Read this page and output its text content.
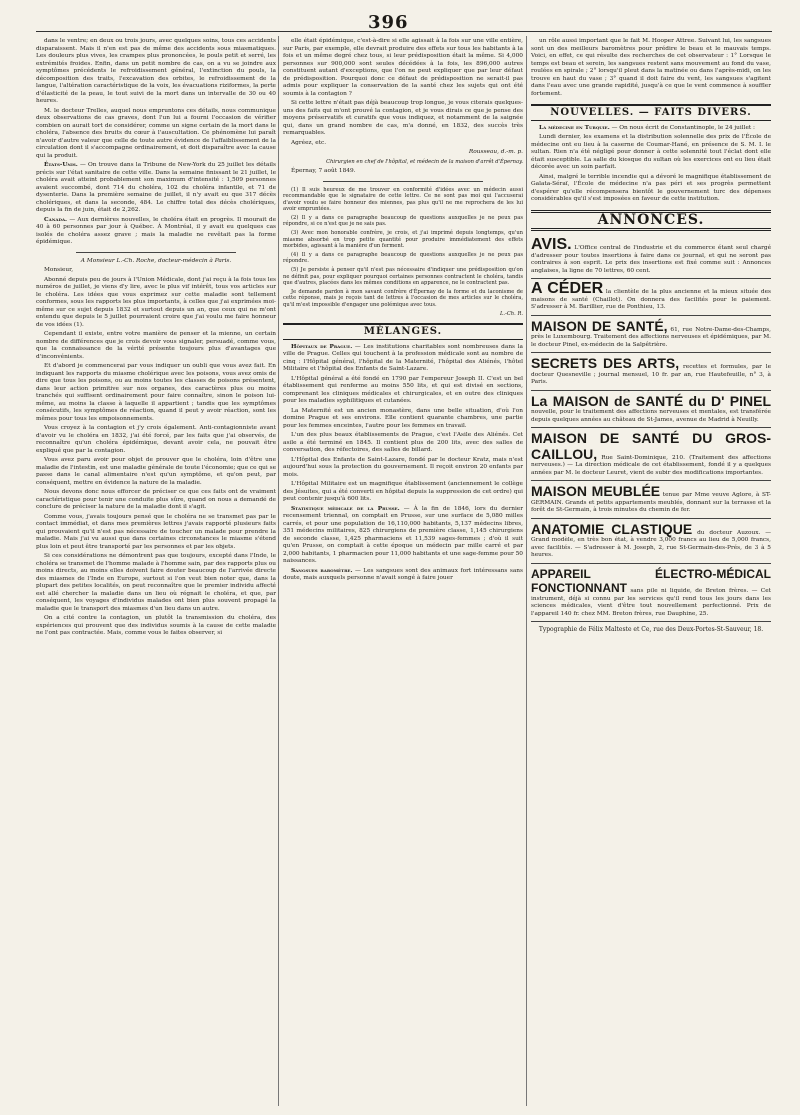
396

dans le ventre; en deux ou trois jours, avec quelques soins, tous ces accidents disparaissent. Mais il n'en est pas de même des accidents sous miasmatiques. Les douleurs plus vives, les crampes plus prononcées, le pouls petit et serré, les extrémités froides. Enfin, dans un petit nombre de cas, on a vu se joindre aux symptômes précédents le refroidissement général, l'extinction du pouls, la décomposition des traits, l'excavation des orbites, le refroidissement de la langue, l'altération caractéristique de la voix, les évacuations riziformes, la perte d'élasticité de la peau, le tout suivi de la mort dans un intervalle de 30 ou 40 heures.

M. le docteur Trelles, auquel nous empruntons ces détails, nous communique deux observations de cas graves, dont l'un lui a fourni l'occasion de vérifier combien on aurait tort de considérer, comme un signe certain de la mort dans le choléra, l'absence des bruits du cœur à l'auscultation. Ce phénomène lui paraît n'avoir d'autre valeur que celle de toute autre évidence de l'affaiblissement de la circulation dont il s'accompagne ordinairement, et doit disparaître avec la cause qui la produit.

États-Unis. — On trouve dans la Tribune de New-York du 25 juillet les détails précis sur l'état sanitaire de cette ville. Dans la semaine finissant le 21 juillet, le choléra avait atteint probablement son maximum d'intensité : 1,509 personnes avaient succombé, dont 714 du choléra, 102 du choléra infantile, et 71 de dysenterie. Dans la première semaine de juillet, il n'y avait eu que 317 décès cholériques, et dans la seconde, 484. Le chiffre total des décès cholériques, depuis la fin de juin, était de 2,262.

Canada. — Aux dernières nouvelles, le choléra était en progrès. Il mourait de 40 à 60 personnes par jour à Québec. À Montréal, il y avait eu quelques cas isolés de choléra assez grave ; mais la maladie ne revêtait pas la forme épidémique.

A Monsieur L.-Ch. Roche, docteur-médecin à Paris.

Monsieur,

Abonné depuis peu de jours à l'Union Médicale, dont j'ai reçu à la fois tous les numéros de juillet, je viens d'y lire, avec le plus vif intérêt, tous vos articles sur le choléra. Les idées que vous exprimez sur cette maladie sont tellement conformes, sous les rapports les plus importants, à celles que j'ai exprimées moi-même sur ce sujet depuis 1832 et surtout depuis un an, que ceux qui ne m'ont entendu que depuis le 5 juillet pourraient croire que j'ai voulu me faire honneur de vos idées (1).

Cependant il existe, entre votre manière de penser et la mienne, un certain nombre de différences que je crois devoir vous signaler, persuadé, comme vous, que la connaissance de la vérité présente toujours plus d'avantages que d'inconvénients.

Et d'abord je commencerai par vous indiquer un oubli que vous avez fait. En indiquant les rapports du miasme cholérique avec les poisons, vous avez omis de dire que tous les poisons, ou au moins toutes les classes de poisons présentent, dans leur action primitive sur nos organes, des caractères plus ou moins tranchés qui suffisent ordinairement pour faire connaître, sinon le poison lui-même, au moins la classe à laquelle il appartient ; tandis que les symptômes consécutifs, les symptômes de réaction, quand il peut y avoir réaction, sont les mêmes pour tous les empoisonnements.

Vous croyez à la contagion et j'y crois également. Anti-contagionniste avant d'avoir vu le choléra en 1832, j'ai été forcé, par les faits que j'ai observés, de reconnaître qu'un choléra épidémique, devant avoir cela, ne pouvait être expliqué que par la contagion.

Vous avez paru avoir pour objet de prouver que le choléra, loin d'être une maladie de l'intestin, est une maladie générale de toute l'économie; que ce qui se passe dans le canal alimentaire n'est qu'un symptôme, et qu'on peut, par conséquent, mettre en évidence la nature de la maladie.

Nous devons donc nous efforcer de préciser ce que ces faits ont de vraiment caractéristique pour tenir une conduite plus sûre, quand on nous a demandé de conclure de préciser la nature de la maladie dont il s'agit.

Comme vous, j'avais toujours pensé que le choléra ne se transmet pas par le contact immédiat, et dans mes premières lettres j'avais rapporté plusieurs faits qui prouvaient qu'il n'est pas nécessaire de toucher un malade pour prendre la maladie. Mais j'ai vu aussi que dans certaines circonstances le miasme s'étend plus loin et peut être transporté par les personnes et par les objets.

Si ces considérations ne démontrent pas que toujours, excepté dans l'Inde, le choléra se transmet de l'homme malade à l'homme sain, par des rapports plus ou moins directs, au moins elles doivent faire douter beaucoup de l'arrivée directe des miasmes de l'Inde en Europe, surtout si l'on veut bien noter que, dans la plupart des petites localités, on peut reconnaître que le premier individu affecté est allé chercher la maladie dans un lieu où régnait le choléra, et que, par conséquent, les voyages d'individus malades ont bien plus souvent propagé la maladie que le transport des miasmes d'un lieu dans un autre.

On a cité contre la contagion, un plutôt la transmission du choléra, des expériences qui prouvent que des individus soumis à la cause de cette maladie ne l'ont pas contractée. Mais, comme vous le faites observer, si

elle était épidémique, c'est-à-dire si elle agissait à la fois sur une ville entière, sur Paris, par exemple, elle devrait produire des effets sur tous les habitants à la fois et un même degré chez tous, si leur prédisposition était la même. Si 4,000 personnes sur 900,000 sont seules décédées à la fois, les 896,000 autres constituent autant d'exceptions, que l'on ne peut expliquer que par leur défaut de prédisposition. Pourquoi donc ce défaut de prédisposition ne serait-il pas admis pour expliquer la conservation de la santé chez les sujets qui ont été soumis à la contagion ?

Si cette lettre n'était pas déjà beaucoup trop longue, je vous citerais quelques-uns des faits qui m'ont prouvé la contagion, et je vous dirais ce que je pense des moyens préservatifs et curatifs que vous indiquez, et notamment de la saignée qui, dans un grand nombre de cas, m'a donné, en 1832, des succès très remarquables.

Agréez, etc.

Rousseau, d.-m. p.

Chirurgien en chef de l'hôpital, et médecin de la maison d'arrêt d'Épernay.

Épernay, 7 août 1849.

(1) Il suis heureux de me trouver en conformité d'idées avec un médecin aussi recommandable que le signataire de cette lettre. Ce ne sont pas moi qui l'accuserai d'avoir voulu se faire honneur des miennes, pas plus qu'il ne me reprochera de les lui avoir empruntées.

(2) Il y a dans ce paragraphe beaucoup de questions auxquelles je ne peux pas répondre, si ce n'est que je ne sais pas.

(3) Avec mon honorable confrère, je crois, et j'ai imprimé depuis longtemps, qu'un miasme absorbé en trop petite quantité pour produire immédiatement des effets morbides, agissant à la manière d'un ferment.

(4) Il y a dans ce paragraphe beaucoup de questions auxquelles je ne peux pas répondre.

(5) Je persiste à penser qu'il n'est pas nécessaire d'indiquer une prédisposition qu'on ne définit pas, pour expliquer pourquoi certaines personnes contractent le choléra, tandis que d'autres, placées dans les mêmes conditions en apparence, ne le contractent pas.

Je demande pardon à mon savant confrère d'Épernay de la forme et du laconisme de cette réponse, mais je reçois tant de lettres à l'occasion de mes articles sur le choléra, qu'il m'est impossible d'engager une polémique avec tous.

L.-Ch. R.

MÉLANGES.

Hôpitaux de Prague. — Les institutions charitables sont nombreuses dans la ville de Prague. Celles qui touchent à la profession médicale sont au nombre de cinq : l'Hôpital général, l'hôpital de la Maternité, l'hôpital des Aliénés, l'hôtel Militaire et l'hôpital des Enfants de Saint-Lazare.

L'Hôpital général a été fondé en 1790 par l'empereur Joseph II. C'est un bel établissement qui renferme au moins 550 lits, et qui est divisé en sections, comprenant les cliniques médicales et chirurgicales, et en outre des cliniques pour les maladies syphilitiques et cutanées.

La Maternité est un ancien monastère, dans une belle situation, d'où l'on domine Prague et ses environs. Elle contient quarante chambres, une partie pour les femmes enceintes, l'autre pour les femmes en travail.

L'un des plus beaux établissements de Prague, c'est l'Asile des Aliénés. Cet asile a été terminé en 1845. Il contient plus de 200 lits, avec des salles de conversation, des réfectoires, des salles de billard.

L'Hôpital des Enfants de Saint-Lazare, fondé par le docteur Kratz, mais n'est aujourd'hui sous la protection du gouvernement. Il reçoit environ 20 enfants par mois.

L'Hôpital Militaire est un magnifique établissement (anciennement le collège des Jésuites, qui a été converti en hôpital depuis la suppression de cet ordre) qui peut contenir jusqu'à 600 lits.

Statistique médicale de la Prusse. — À la fin de 1846, lors du dernier recensement triennal, on comptait en Prusse, sur une surface de 5,080 milles carrés, et pour une population de 16,110,000 habitants, 5,137 médecins libres, 351 médecins militaires, 825 chirurgiens de première classe, 1,145 chirurgiens de seconde classe, 1,425 pharmaciens et 11,539 sages-femmes ; d'où il suit qu'en Prusse, on comptait à cette époque un médecin par mille carré et par 2,000 habitants, 1 pharmacien pour 11,000 habitants et une sage-femme pour 50 naissances.

Sangsues baromètre. — Les sangsues sont des animaux fort intéressans sans doute, mais auxquels personne n'avait songé à faire jouer

un rôle aussi important que le fait M. Hooper Attree. Suivant lui, les sangsues sont un des meilleurs baromètres pour prédire le beau et le mauvais temps. Voici, en effet, ce qui résulte des recherches de cet observateur : 1° Lorsque le temps est beau et serein, les sangsues restent sans mouvement au fond du vase, roulées en spirale ; 2° lorsqu'il pleut dans la matinée ou dans l'après-midi, on les trouve en haut du vase ; 3° quand il doit faire du vent, les sangsues s'agitent dans l'eau avec une grande rapidité, jusqu'à ce que le vent commence à souffler fortement.

NOUVELLES. — FAITS DIVERS.

La médecine en Turquie. — On nous écrit de Constantinople, le 24 juillet :

Lundi dernier, les examens et la distribution solennelle des prix de l'École de médecine ont eu lieu à la caserne de Coumar-Hané, en présence de S. M. I. le sultan. Rien n'a été négligé pour donner à cette solennité tout l'éclat dont elle était susceptible. La salle du kiosque du sultan où les exercices ont eu lieu était décorée avec un soin parfait.

Ainsi, malgré le terrible incendie qui a dévoré le magnifique établissement de Galata-Séraï, l'École de médecine n'a pas péri et ses progrès permettent d'espérer qu'elle récompensera bientôt le gouvernement turc des dépenses considérables qu'il s'est imposées en faveur de cette institution.

ANNONCES.
AVIS. L'Office central de l'industrie et du commerce étant seul chargé d'adresser pour toutes insertions à faire dans ce journal, et qui ne seront pas contraires à son esprit. Le prix des insertions est fixé comme suit : Annonces anglaises, la ligne de 70 lettres, 60 cent.
A CÉDER la clientèle de la plus ancienne et la mieux située des maisons de santé (Chaillot). On donnera des facilités pour le paiement. S'adresser à M. Barillier, rue de Ponthieu, 13.
MAISON DE SANTÉ, 61, rue Notre-Dame-des-Champs, près le Luxembourg. Traitement des affections nerveuses et épidémiques, par M. le docteur Pinel, ex-médecin de la Salpêtrière.
SECRETS DES ARTS, recettes et formules, par le docteur Quesneville ; journal mensuel, 10 fr. par an, rue Hautefeuille, n° 3, à Paris.
La MAISON de SANTÉ du D' PINEL nouvelle, pour le traitement des affections nerveuses et mentales, est transférée depuis quelques années au château de St-James, avenue de Madrid à Neuilly.
MAISON DE SANTÉ DU GROS-CAILLOU, Rue Saint-Dominique, 210. (Traitement des affections nerveuses.) — La direction médicale de cet établissement, fondé il y a quelques années par M. le docteur Leuret, vient de subir des modifications importantes.
MAISON MEUBLÉE tenue par Mme veuve Aglore, à ST-GERMAIN. Grands et petits appartements meublés, donnant sur la terrasse et la forêt de St-Germain, à trois minutes du chemin de fer.
ANATOMIE CLASTIQUE du docteur Auzoux. — Grand modèle, en très bon état, à vendre 3,000 francs au lieu de 5,000 francs, avec facilités. — S'adresser à M. Joseph, 2, rue St-Germain-des-Prés, de 3 à 5 heures.
APPAREIL ÉLECTRO-MÉDICAL FONCTIONNANT sans pile ni liquide, de Breton frères. — Cet instrument, déjà si connu par les services qu'il rend tous les jours dans les sciences médicales, vient d'être tout nouvellement perfectionné. Prix de l'appareil 140 fr. chez MM. Breton frères, rue Dauphine, 25.
Typographie de Félix Malteste et Ce, rue des Deux-Portes-St-Sauveur, 18.
